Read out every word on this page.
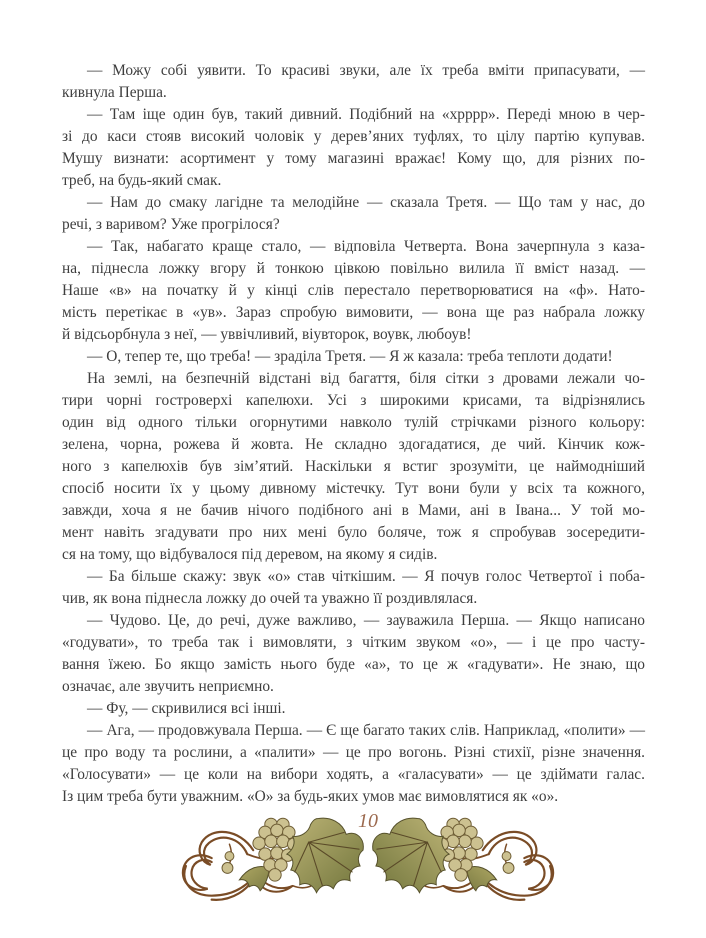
— Можу собі уявити. То красиві звуки, але їх треба вміти припасувати, —
кивнула Перша.
— Там іще один був, такий дивний. Подібний на «хрррр». Переді мною в чер-
зі до каси стояв високий чоловік у дерев’яних туфлях, то цілу партію купував.
Мушу визнати: асортимент у тому магазині вражає! Кому що, для різних по-
треб, на будь-який смак.
— Нам до смаку лагідне та мелодійне — сказала Третя. — Що там у нас, до
речі, з варивом? Уже прогрілося?
— Так, набагато краще стало, — відповіла Четверта. Вона зачерпнула з каза-
на, піднесла ложку вгору й тонкою цівкою повільно вилила її вміст назад. —
Наше «в» на початку й у кінці слів перестало перетворюватися на «ф». Нато-
мість перетікає в «ув». Зараз спробую вимовити, — вона ще раз набрала ложку
й відсьорбнула з неї, — уввічливий, віувторок, воувк, любоув!
— О, тепер те, що треба! — зраділа Третя. — Я ж казала: треба теплоти додати!
На землі, на безпечній відстані від багаття, біля сітки з дровами лежали чо-
тири чорні гостроверхі капелюхи. Усі з широкими крисами, та відрізнялись
один від одного тільки огорнутими навколо тулій стрічками різного кольору:
зелена, чорна, рожева й жовта. Не складно здогадатися, де чий. Кінчик кож-
ного з капелюхів був зім’ятий. Наскільки я встиг зрозуміти, це наймодніший
спосіб носити їх у цьому дивному містечку. Тут вони були у всіх та кожного,
завжди, хоча я не бачив нічого подібного ані в Мами, ані в Івана... У той мо-
мент навіть згадувати про них мені було боляче, тож я спробував зосередити-
ся на тому, що відбувалося під деревом, на якому я сидів.
— Ба більше скажу: звук «о» став чіткішим. — Я почув голос Четвертої і поба-
чив, як вона піднесла ложку до очей та уважно її роздивлялася.
— Чудово. Це, до речі, дуже важливо, — зауважила Перша. — Якщо написано
«годувати», то треба так і вимовляти, з чітким звуком «о», — і це про часту-
вання їжею. Бо якщо замість нього буде «а», то це ж «гадувати». Не знаю, що
означає, але звучить неприємно.
— Фу, — скривилися всі інші.
— Ага, — продовжувала Перша. — Є ще багато таких слів. Наприклад, «полити» —
це про воду та рослини, а «палити» — це про вогонь. Різні стихії, різне значення.
«Голосувати» — це коли на вибори ходять, а «галасувати» — це здіймати галас.
Із цим треба бути уважним. «О» за будь-яких умов має вимовлятися як «о».
10
